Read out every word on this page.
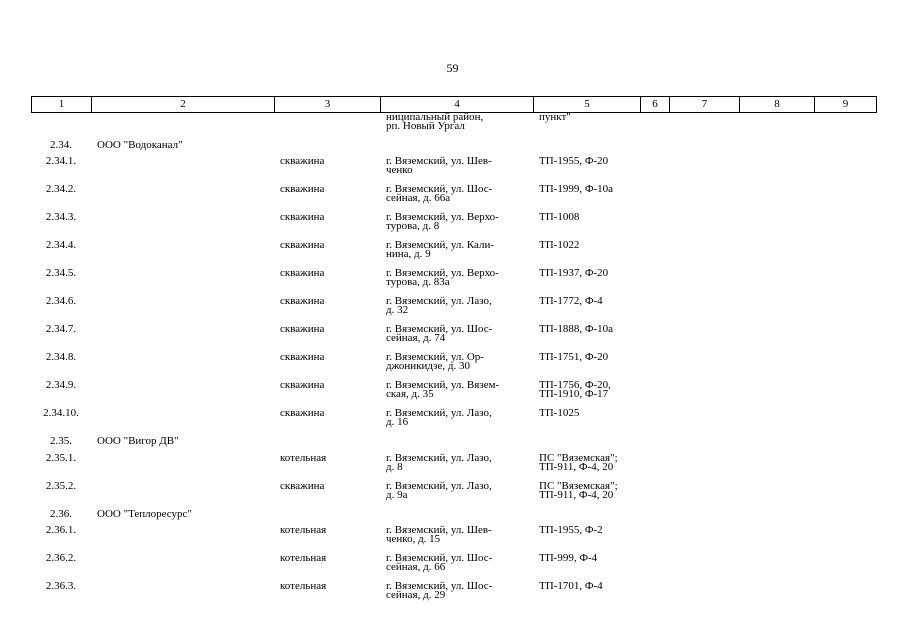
59
1	2	3	4	5	6	7	8	9
ниципальный район,
рп. Новый Ургал
пункт"
2.34.	ООО "Водоканал"
2.34.1.	скважина	г. Вяземский, ул. Шев-
ченко
ТП-1955, Ф-20
2.34.2.	скважина	г. Вяземский, ул. Шос-
сейная, д. 66а
ТП-1999, Ф-10а
2.34.3.	скважина	г. Вяземский, ул. Верхо-
турова, д. 8
ТП-1008
2.34.4.	скважина	г. Вяземский, ул. Кали-
нина, д. 9
ТП-1022
2.34.5.	скважина	г. Вяземский, ул. Верхо-
турова, д. 83а
ТП-1937, Ф-20
2.34.6.	скважина	г. Вяземский, ул. Лазо,
д. 32
ТП-1772, Ф-4
2.34.7.	скважина	г. Вяземский, ул. Шос-
сейная, д. 74
ТП-1888, Ф-10а
2.34.8.	скважина	г. Вяземский, ул. Ор-
джоникидзе, д. 30
ТП-1751, Ф-20
2.34.9.	скважина	г. Вяземский, ул. Вязем-
ская, д. 35
ТП-1756, Ф-20,
ТП-1910, Ф-17
2.34.10.	скважина	г. Вяземский, ул. Лазо,
д. 16
ТП-1025
2.35.	ООО "Вигор ДВ"
2.35.1.	котельная	г. Вяземский, ул. Лазо,
д. 8
ПС "Вяземская";
ТП-911, Ф-4, 20
2.35.2.	скважина	г. Вяземский, ул. Лазо,
д. 9а
ПС "Вяземская";
ТП-911, Ф-4, 20
2.36.	ООО "Теплоресурс"
2.36.1.	котельная	г. Вяземский, ул. Шев-
ченко, д. 15
ТП-1955, Ф-2
2.36.2.	котельная	г. Вяземский, ул. Шос-
сейная, д. 66
ТП-999, Ф-4
2.36.3.	котельная	г. Вяземский, ул. Шос-
сейная, д. 29
ТП-1701, Ф-4
